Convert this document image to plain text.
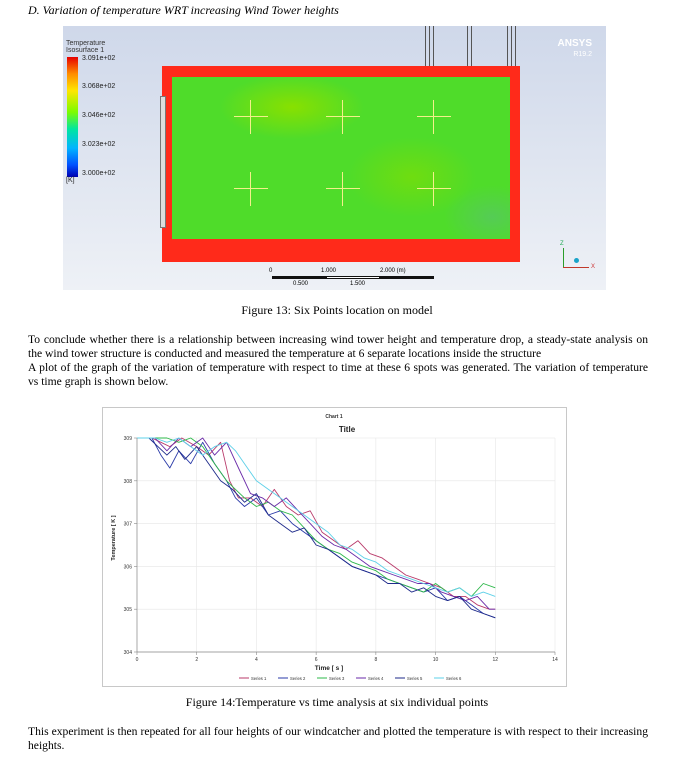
D. Variation of temperature WRT increasing Wind Tower heights
Temperature
Isosurface 1
3.091e+02
3.068e+02
3.046e+02
3.023e+02
3.000e+02
[K]
ANSYS
R19.2
0	1.000	2.000 (m)
0.500	1.500
Z
X
Figure 13: Six Points location on model
To conclude whether there is a relationship between increasing wind tower height and temperature drop, a steady-state analysis on the wind tower structure is conducted and measured the temperature at 6 separate locations inside the structure
A plot of the graph of the variation of temperature with respect to time at these 6 spots was generated. The variation of temperature vs time graph is shown below.
Chart 1
Title
0	2	4	6	8	10	12	14
304
305
306
307
308
309
Time [ s ]
Temperature [ K ]
Series 1	Series 2	Series 3	Series 4	Series 5	Series 6
Figure 14:Temperature vs time analysis at six individual points
This experiment is then repeated for all four heights of our windcatcher and plotted the temperature is with respect to their increasing heights.
